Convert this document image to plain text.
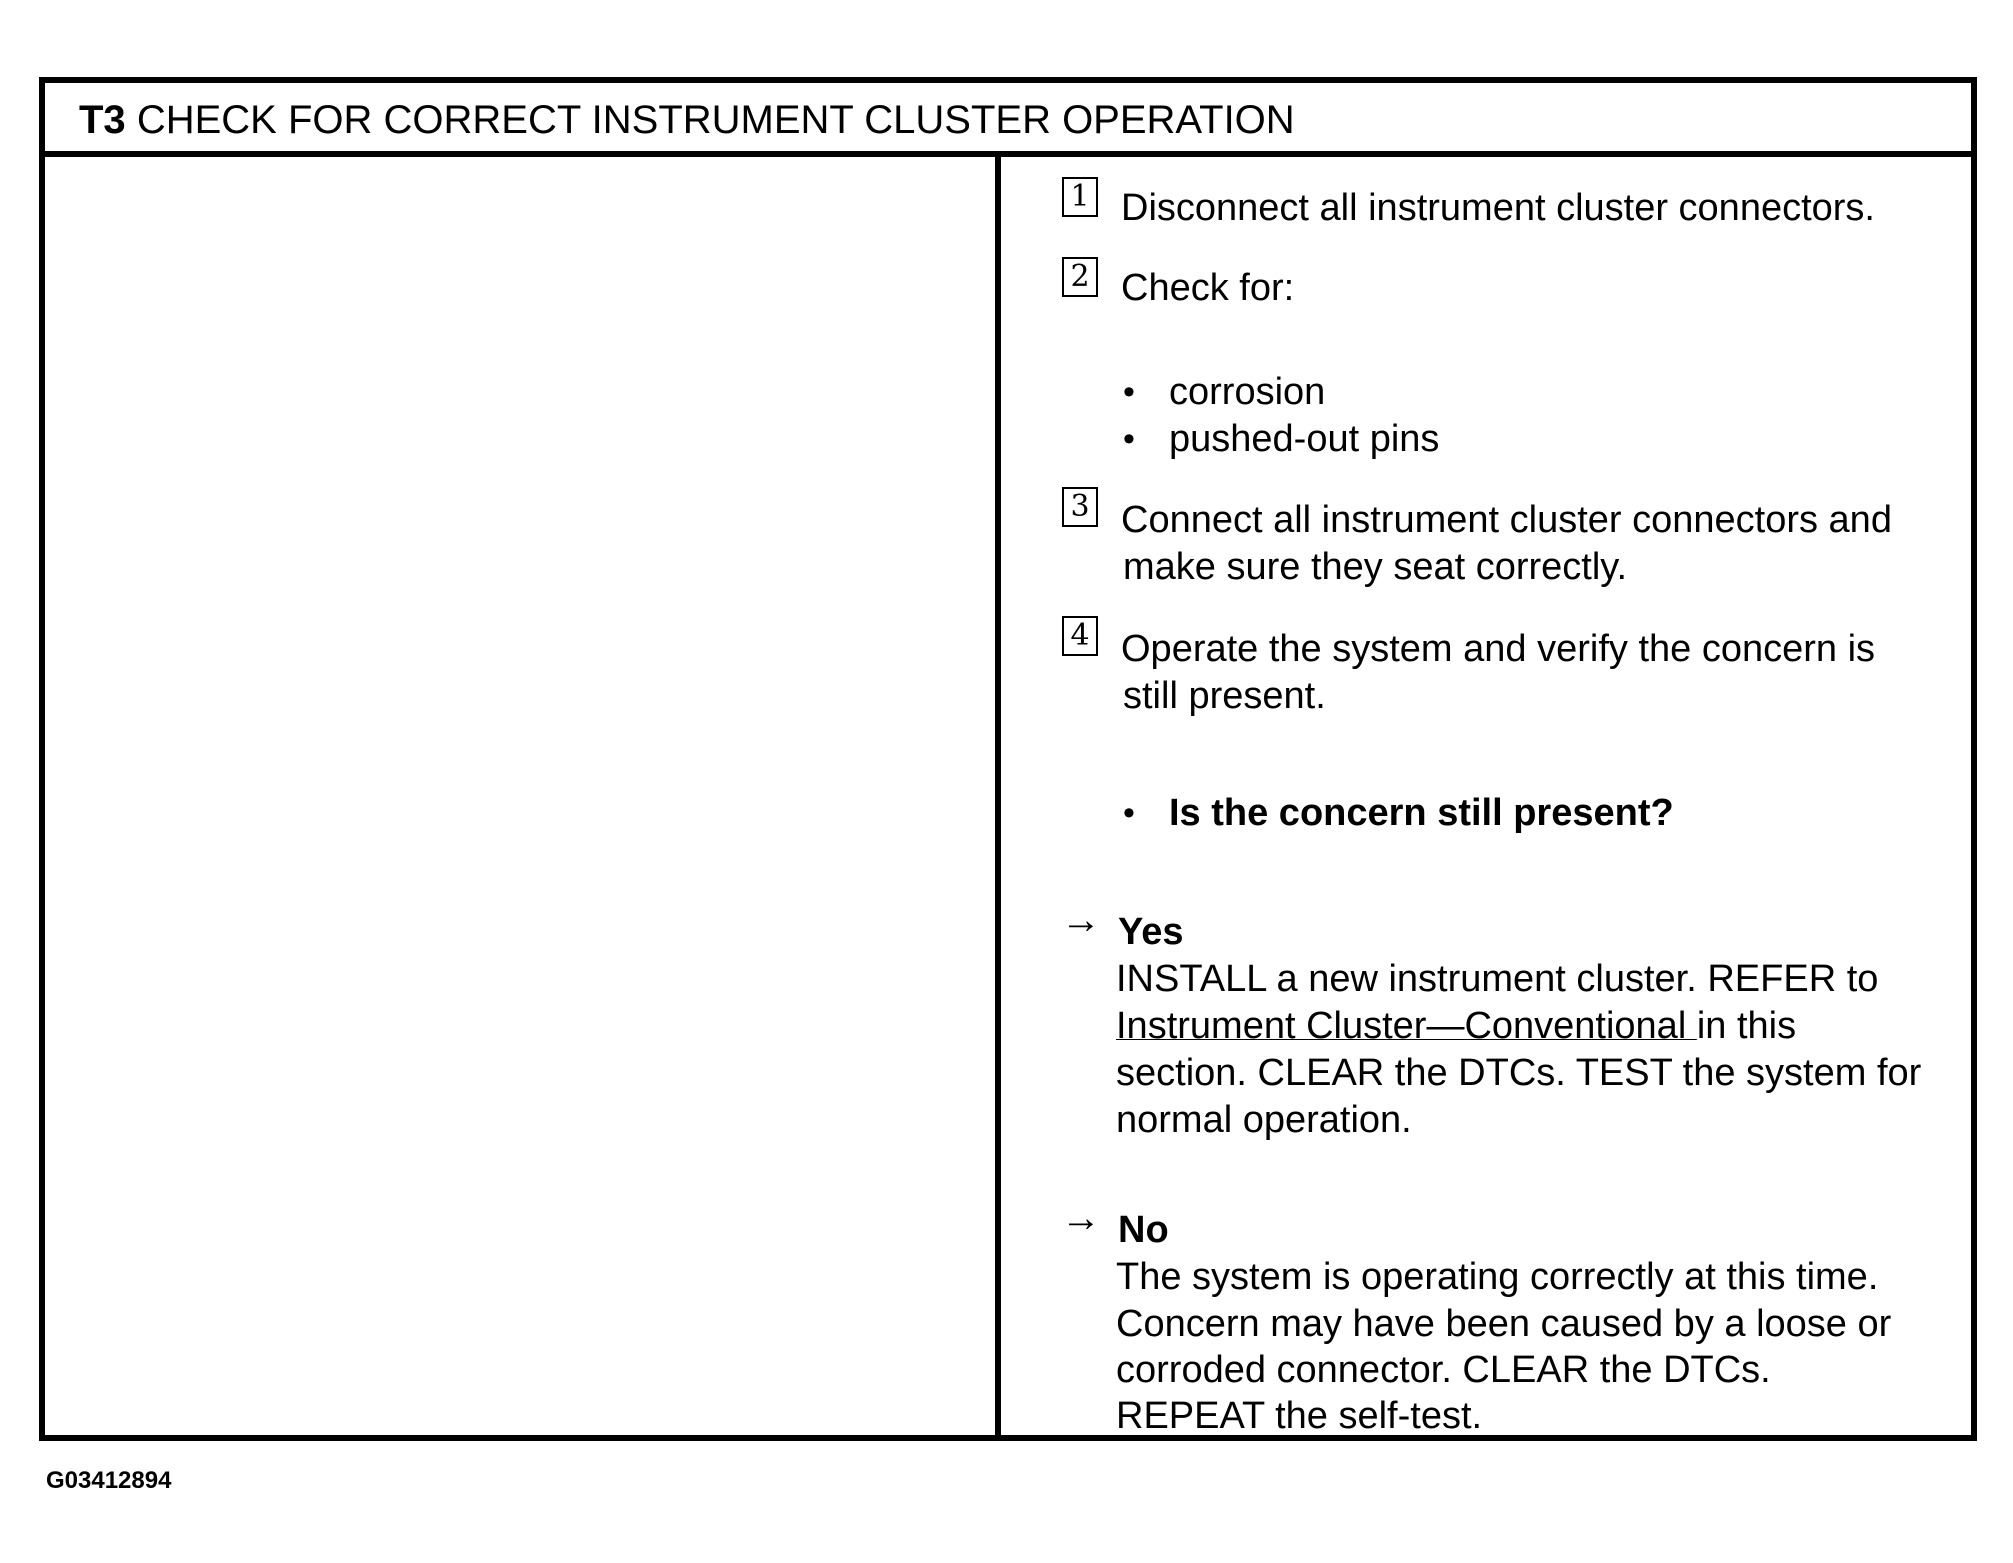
T3 CHECK FOR CORRECT INSTRUMENT CLUSTER OPERATION
1 Disconnect all instrument cluster connectors.
2 Check for:
• corrosion
• pushed-out pins
3 Connect all instrument cluster connectors and
make sure they seat correctly.
4 Operate the system and verify the concern is
still present.
• Is the concern still present?
→ Yes
INSTALL a new instrument cluster. REFER to
Instrument Cluster—Conventional in this
section. CLEAR the DTCs. TEST the system for
normal operation.
→ No
The system is operating correctly at this time.
Concern may have been caused by a loose or
corroded connector. CLEAR the DTCs.
REPEAT the self-test.
G03412894
